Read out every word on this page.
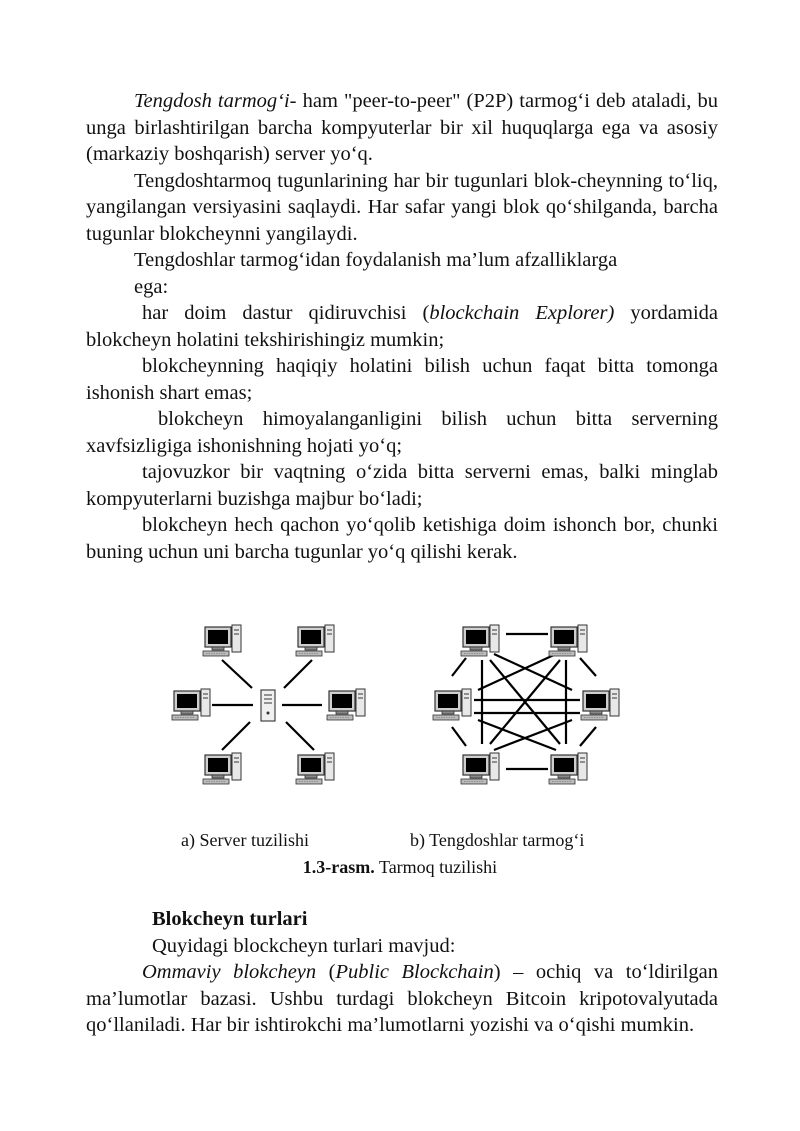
Tengdosh tarmog‘i- ham "peer-to-peer" (P2P) tarmog‘i deb ataladi, bu unga birlashtirilgan barcha kompyuterlar bir xil huquqlarga ega va asosiy (markaziy boshqarish) server yo‘q.

Tengdoshtarmoq tugunlarining har bir tugunlari blok-cheynning to‘liq, yangilangan versiyasini saqlaydi. Har safar yangi blok qo‘shilganda, barcha tugunlar blokcheynni yangilaydi.

Tengdoshlar tarmog‘idan foydalanish ma’lum afzalliklarga

ega:

har doim dastur qidiruvchisi (blockchain Explorer) yordamida blokcheyn holatini tekshirishingiz mumkin;

blokcheynning haqiqiy holatini bilish uchun faqat bitta tomonga ishonish shart emas;

blokcheyn himoyalanganligini bilish uchun bitta serverning xavfsizligiga ishonishning hojati yo‘q;

tajovuzkor bir vaqtning o‘zida bitta serverni emas, balki minglab kompyuterlarni buzishga majbur bo‘ladi;

blokcheyn hech qachon yo‘qolib ketishiga doim ishonch bor, chunki buning uchun uni barcha tugunlar yo‘q qilishi kerak.

a) Server tuzilishi	b) Tengdoshlar tarmog‘i
1.3-rasm. Tarmoq tuzilishi

Blokcheyn turlari

Quyidagi blockcheyn turlari mavjud:

Ommaviy blokcheyn (Public Blockchain) – ochiq va to‘ldirilgan ma’lumotlar bazasi. Ushbu turdagi blokcheyn Bitcoin kripotovalyutada qo‘llaniladi. Har bir ishtirokchi ma’lumotlarni yozishi va o‘qishi mumkin.
